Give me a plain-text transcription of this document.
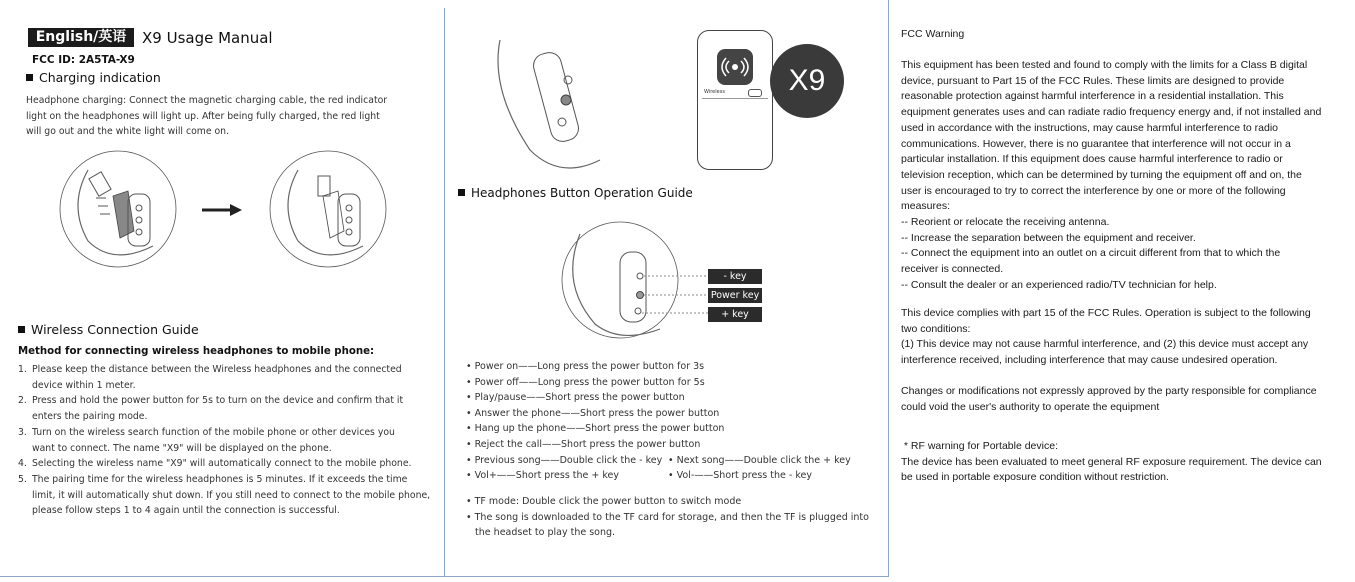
English/英语	X9 Usage Manual
FCC ID: 2A5TA-X9
Charging indication
Headphone charging: Connect the magnetic charging cable, the red indicator
light on the headphones will light up. After being fully charged, the red light
will go out and the white light will come on.
Wireless Connection Guide
Method for connecting wireless headphones to mobile phone:
1. Please keep the distance between the Wireless headphones and the connected
device within 1 meter.
2. Press and hold the power button for 5s to turn on the device and confirm that it
enters the pairing mode.
3. Turn on the wireless search function of the mobile phone or other devices you
want to connect. The name "X9" will be displayed on the phone.
4. Selecting the wireless name "X9" will automatically connect to the mobile phone.
5. The pairing time for the wireless headphones is 5 minutes. If it exceeds the time
limit, it will automatically shut down. If you still need to connect to the mobile phone,
please follow steps 1 to 4 again until the connection is successful.
Wireless	X9
Headphones Button Operation Guide
- key
Power key
+ key
• Power on——Long press the power button for 3s
• Power off——Long press the power button for 5s
• Play/pause——Short press the power button
• Answer the phone——Short press the power button
• Hang up the phone——Short press the power button
• Reject the call——Short press the power button
• Previous song——Double click the - key
• Vol+——Short press the + key
• Next song——Double click the + key
• Vol-——Short press the - key
• TF mode: Double click the power button to switch mode
• The song is downloaded to the TF card for storage, and then the TF is plugged into
the headset to play the song.
FCC Warning

This equipment has been tested and found to comply with the limits for a Class B digital

device, pursuant to Part 15 of the FCC Rules. These limits are designed to provide

reasonable protection against harmful interference in a residential installation. This

equipment generates uses and can radiate radio frequency energy and, if not installed and

used in accordance with the instructions, may cause harmful interference to radio

communications. However, there is no guarantee that interference will not occur in a

particular installation. If this equipment does cause harmful interference to radio or

television reception, which can be determined by turning the equipment off and on, the

user is encouraged to try to correct the interference by one or more of the following

measures:

-- Reorient or relocate the receiving antenna.

-- Increase the separation between the equipment and receiver.

-- Connect the equipment into an outlet on a circuit different from that to which the

receiver is connected.

-- Consult the dealer or an experienced radio/TV technician for help.

This device complies with part 15 of the FCC Rules. Operation is subject to the following

two conditions:

(1) This device may not cause harmful interference, and (2) this device must accept any

interference received, including interference that may cause undesired operation.

Changes or modifications not expressly approved by the party responsible for compliance

could void the user's authority to operate the equipment

* RF warning for Portable device:

The device has been evaluated to meet general RF exposure requirement. The device can

be used in portable exposure condition without restriction.
